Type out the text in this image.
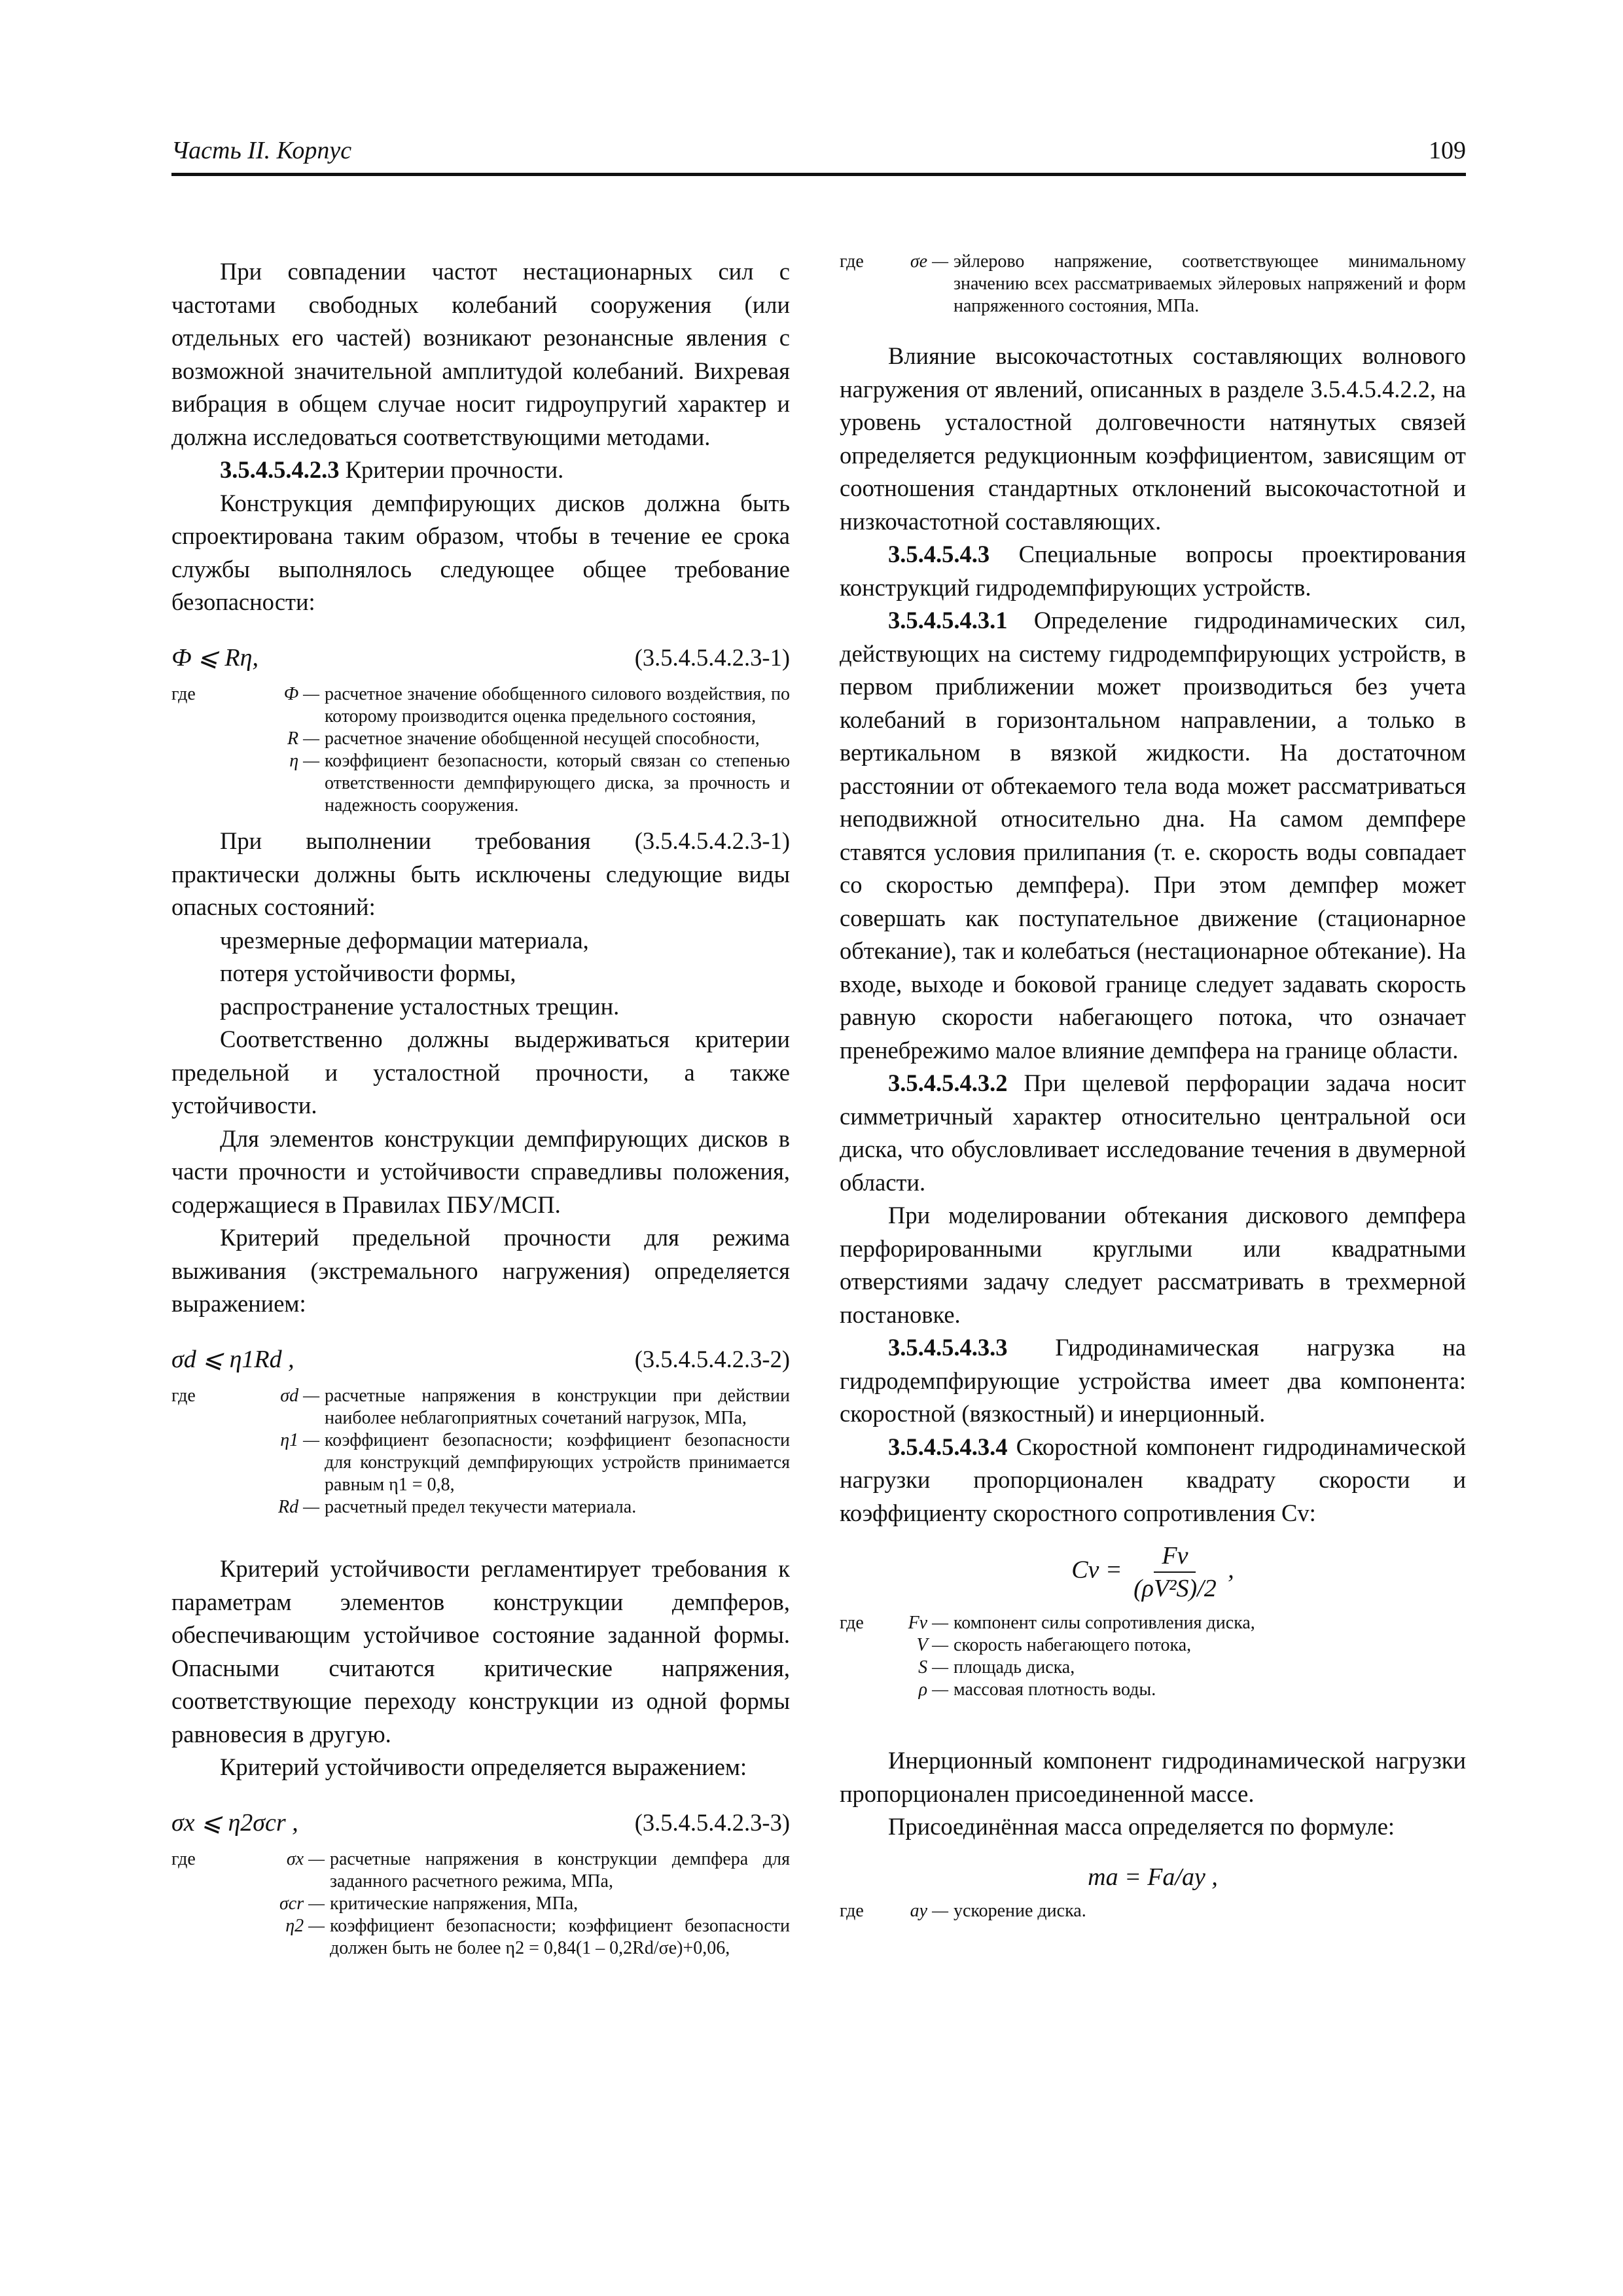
Часть II. Корпус	109

При совпадении частот нестационарных сил с частотами свободных колебаний сооружения (или отдельных его частей) возникают резонансные явления с возможной значительной амплитудой колебаний. Вихревая вибрация в общем случае носит гидроупругий характер и должна исследоваться соответствующими методами.

3.5.4.5.4.2.3 Критерии прочности.

Конструкция демпфирующих дисков должна быть спроектирована таким образом, чтобы в течение ее срока службы выполнялось следующее общее требование безопасности:

Ф ⩽ Rη,	(3.5.4.5.4.2.3-1)
где	Ф — расчетное значение обобщенного силового воздействия, по которому производится оценка предельного состояния,
R — расчетное значение обобщенной несущей способности,
η — коэффициент безопасности, который связан со степенью ответственности демпфирующего диска, за прочность и надежность сооружения.

При выполнении требования (3.5.4.5.4.2.3-1) практически должны быть исключены следующие виды опасных состояний:

чрезмерные деформации материала,
потеря устойчивости формы,
распространение усталостных трещин.

Соответственно должны выдерживаться критерии предельной и усталостной прочности, а также устойчивости.

Для элементов конструкции демпфирующих дисков в части прочности и устойчивости справедливы положения, содержащиеся в Правилах ПБУ/МСП.

Критерий предельной прочности для режима выживания (экстремального нагружения) определяется выражением:

σd ⩽ η1Rd ,	(3.5.4.5.4.2.3-2)
где	σd — расчетные напряжения в конструкции при действии наиболее неблагоприятных сочетаний нагрузок, МПа,
η1 — коэффициент безопасности; коэффициент безопасности для конструкций демпфирующих устройств принимается равным η1 = 0,8,
Rd — расчетный предел текучести материала.

Критерий устойчивости регламентирует требования к параметрам элементов конструкции демпферов, обеспечивающим устойчивое состояние заданной формы. Опасными считаются критические напряжения, соответствующие переходу конструкции из одной формы равновесия в другую.

Критерий устойчивости определяется выражением:

σx ⩽ η2σcr ,	(3.5.4.5.4.2.3-3)
где	σx — расчетные напряжения в конструкции демпфера для заданного расчетного режима, МПа,
σcr — критические напряжения, МПа,
η2 — коэффициент безопасности; коэффициент безопасности должен быть не более η2 = 0,84(1 – 0,2Rd/σe)+0,06,
где	σe — эйлерово напряжение, соответствующее минимальному значению всех рассматриваемых эйлеровых напряжений и форм напряженного состояния, МПа.

Влияние высокочастотных составляющих волнового нагружения от явлений, описанных в разделе 3.5.4.5.4.2.2, на уровень усталостной долговечности натянутых связей определяется редукционным коэффициентом, зависящим от соотношения стандартных отклонений высокочастотной и низкочастотной составляющих.

3.5.4.5.4.3 Специальные вопросы проектирования конструкций гидродемпфирующих устройств.

3.5.4.5.4.3.1 Определение гидродинамических сил, действующих на систему гидродемпфирующих устройств, в первом приближении может производиться без учета колебаний в горизонтальном направлении, а только в вертикальном в вязкой жидкости. На достаточном расстоянии от обтекаемого тела вода может рассматриваться неподвижной относительно дна. На самом демпфере ставятся условия прилипания (т. е. скорость воды совпадает со скоростью демпфера). При этом демпфер может совершать как поступательное движение (стационарное обтекание), так и колебаться (нестационарное обтекание). На входе, выходе и боковой границе следует задавать скорость равную скорости набегающего потока, что означает пренебрежимо малое влияние демпфера на границе области.

3.5.4.5.4.3.2 При щелевой перфорации задача носит симметричный характер относительно центральной оси диска, что обусловливает исследование течения в двумерной области.

При моделировании обтекания дискового демпфера перфорированными круглыми или квадратными отверстиями задачу следует рассматривать в трехмерной постановке.

3.5.4.5.4.3.3 Гидродинамическая нагрузка на гидродемпфирующие устройства имеет два компонента: скоростной (вязкостный) и инерционный.

3.5.4.5.4.3.4 Скоростной компонент гидродинамической нагрузки пропорционален квадрату скорости и коэффициенту скоростного сопротивления Cv:

$Cv = \frac{Fv}{\text{(ρV²S)/2}}$ ,
где	Fv — компонент силы сопротивления диска,
V — скорость набегающего потока,
S — площадь диска,
ρ — массовая плотность воды.

Инерционный компонент гидродинамической нагрузки пропорционален присоединенной массе.

Присоединённая масса определяется по формуле:

ma = Fa/ay ,
где	ay — ускорение диска.
